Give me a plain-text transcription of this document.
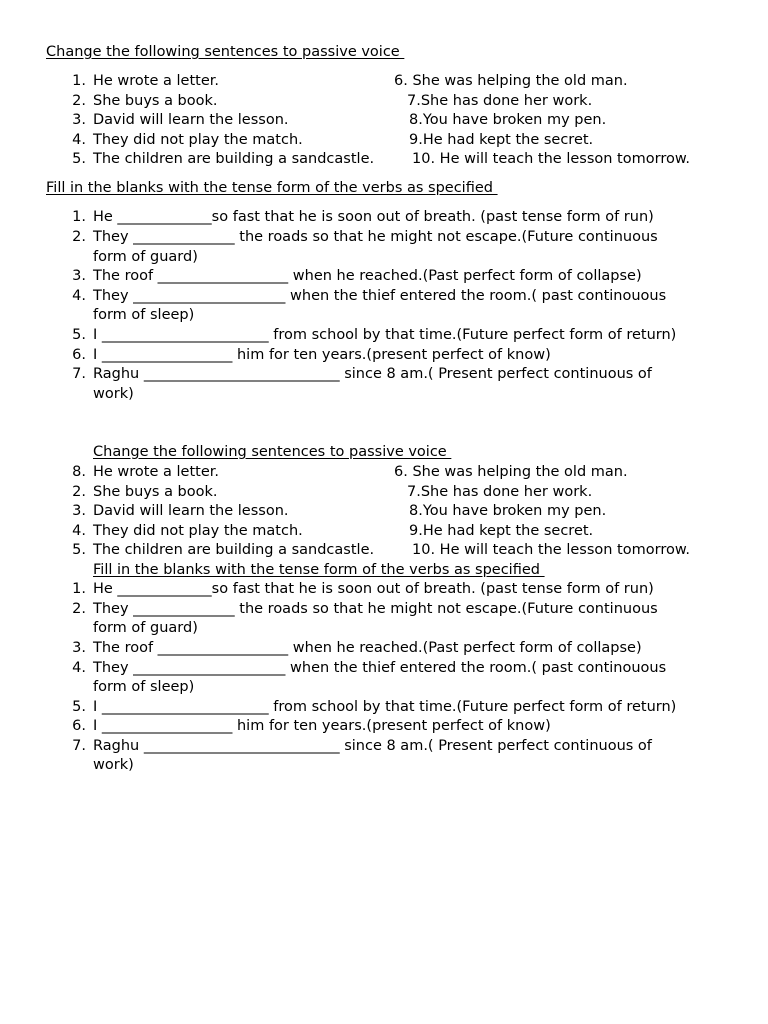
Change the following sentences to passive voice
1. He wrote a letter.
2. She buys a book.
3. David will learn the lesson.
4. They did not play the match.
5. The children are building a sandcastle.
6. She was helping the old man.
7.She has done her work.
8.You have broken my pen.
9.He had kept the secret.
10. He will teach the lesson tomorrow.
Fill in the blanks with the tense form of the verbs as specified
1. He _____________so fast that he is soon out of breath. (past tense form of run)
2. They ______________ the roads so that he might not escape.(Future continuous
form of guard)
3. The roof __________________ when he reached.(Past perfect form of collapse)
4. They _____________________ when the thief entered the room.( past continouous
form of sleep)
5. I _______________________ from school by that time.(Future perfect form of return)
6. I __________________ him for ten years.(present perfect of know)
7. Raghu ___________________________ since 8 am.( Present perfect continuous of
work)
Change the following sentences to passive voice
8. He wrote a letter.
2. She buys a book.
3. David will learn the lesson.
4. They did not play the match.
5. The children are building a sandcastle.
6. She was helping the old man.
7.She has done her work.
8.You have broken my pen.
9.He had kept the secret.
10. He will teach the lesson tomorrow.
Fill in the blanks with the tense form of the verbs as specified
1. He _____________so fast that he is soon out of breath. (past tense form of run)
2. They ______________ the roads so that he might not escape.(Future continuous
form of guard)
3. The roof __________________ when he reached.(Past perfect form of collapse)
4. They _____________________ when the thief entered the room.( past continouous
form of sleep)
5. I _______________________ from school by that time.(Future perfect form of return)
6. I __________________ him for ten years.(present perfect of know)
7. Raghu ___________________________ since 8 am.( Present perfect continuous of
work)
